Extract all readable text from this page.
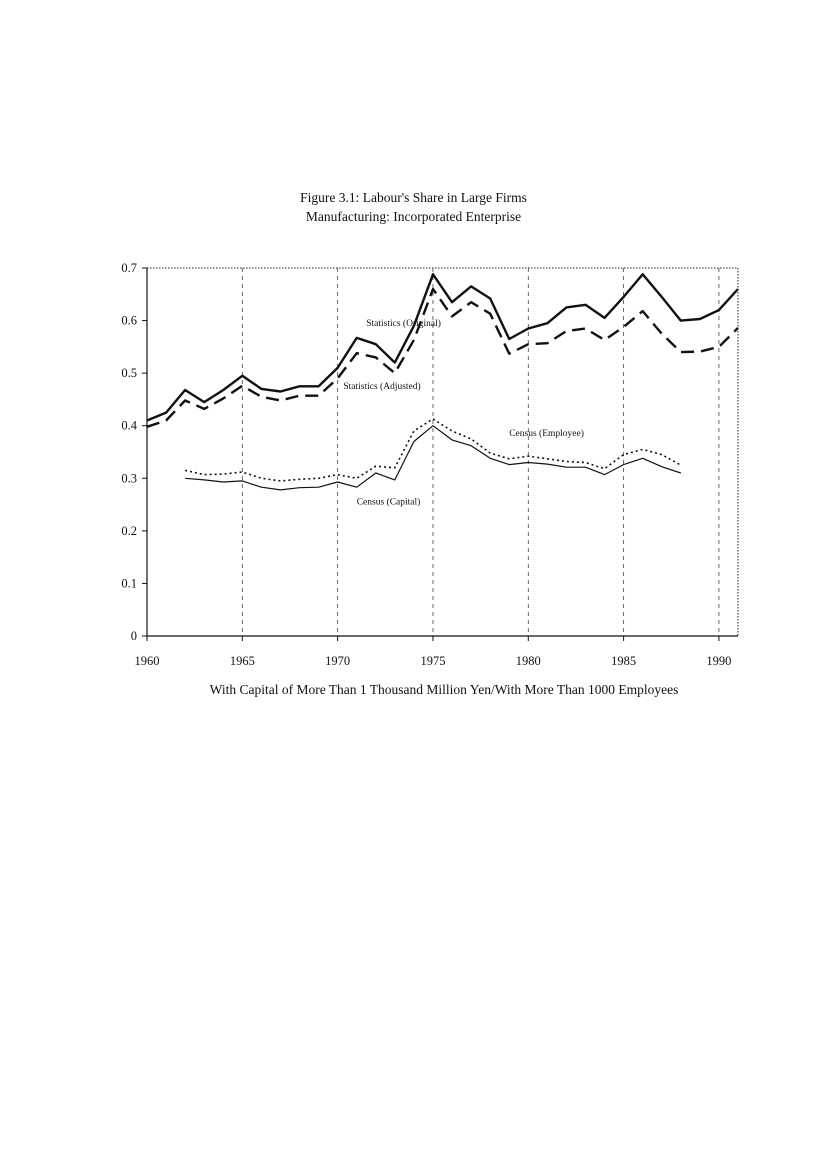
Figure 3.1: Labour's Share in Large Firms
Manufacturing: Incorporated Enterprise
1960	1965	1970	1975	1980	1985	1990
0
0.1
0.2
0.3
0.4
0.5
0.6
0.7
Statistics (Original)
Statistics (Adjusted)
Census (Employee)
Census (Capital)
With Capital of More Than 1 Thousand Million Yen/With More Than 1000 Employees
